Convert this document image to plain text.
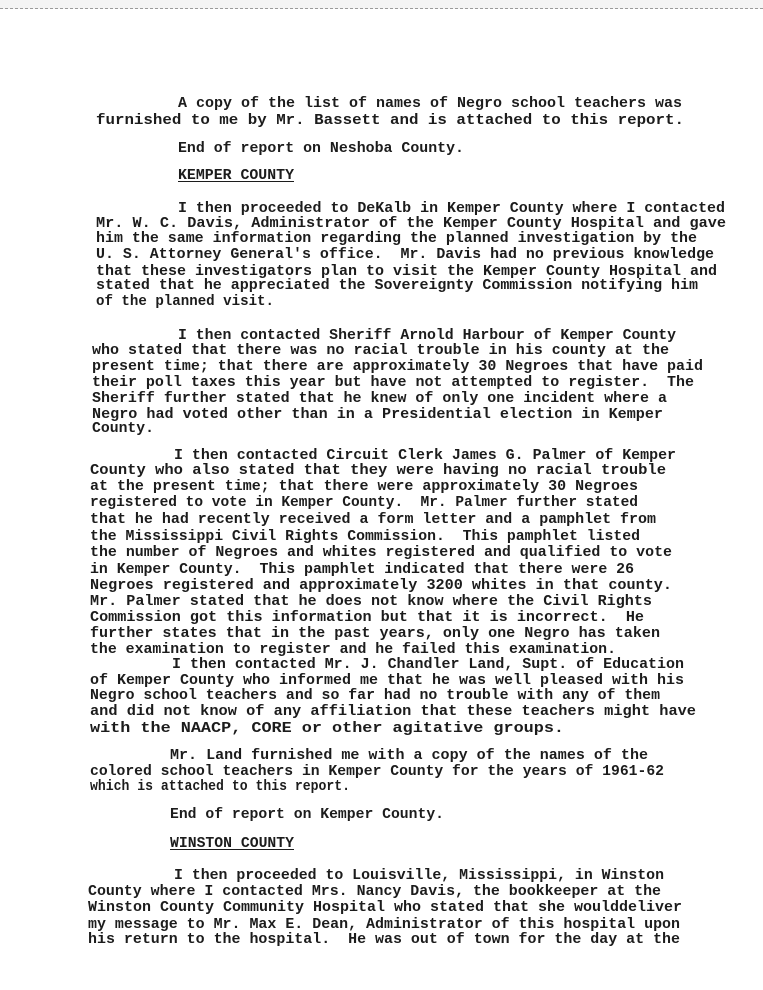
A copy of the list of names of Negro school teachers was
furnished to me by Mr. Bassett and is attached to this report.
End of report on Neshoba County.
KEMPER COUNTY
I then proceeded to DeKalb in Kemper County where I contacted
Mr. W. C. Davis, Administrator of the Kemper County Hospital and gave
him the same information regarding the planned investigation by the
U. S. Attorney General's office.  Mr. Davis had no previous knowledge
that these investigators plan to visit the Kemper County Hospital and
stated that he appreciated the Sovereignty Commission notifying him
of the planned visit.
I then contacted Sheriff Arnold Harbour of Kemper County
who stated that there was no racial trouble in his county at the
present time; that there are approximately 30 Negroes that have paid
their poll taxes this year but have not attempted to register.  The
Sheriff further stated that he knew of only one incident where a
Negro had voted other than in a Presidential election in Kemper
County.
I then contacted Circuit Clerk James G. Palmer of Kemper
County who also stated that they were having no racial trouble
at the present time; that there were approximately 30 Negroes
registered to vote in Kemper County.  Mr. Palmer further stated
that he had recently received a form letter and a pamphlet from
the Mississippi Civil Rights Commission.  This pamphlet listed
the number of Negroes and whites registered and qualified to vote
in Kemper County.  This pamphlet indicated that there were 26
Negroes registered and approximately 3200 whites in that county.
Mr. Palmer stated that he does not know where the Civil Rights
Commission got this information but that it is incorrect.  He
further states that in the past years, only one Negro has taken
the examination to register and he failed this examination.
I then contacted Mr. J. Chandler Land, Supt. of Education
of Kemper County who informed me that he was well pleased with his
Negro school teachers and so far had no trouble with any of them
and did not know of any affiliation that these teachers might have
with the NAACP, CORE or other agitative groups.
Mr. Land furnished me with a copy of the names of the
colored school teachers in Kemper County for the years of 1961-62
which is attached to this report.
End of report on Kemper County.
WINSTON COUNTY
I then proceeded to Louisville, Mississippi, in Winston
County where I contacted Mrs. Nancy Davis, the bookkeeper at the
Winston County Community Hospital who stated that she woulddeliver
my message to Mr. Max E. Dean, Administrator of this hospital upon
his return to the hospital.  He was out of town for the day at the
